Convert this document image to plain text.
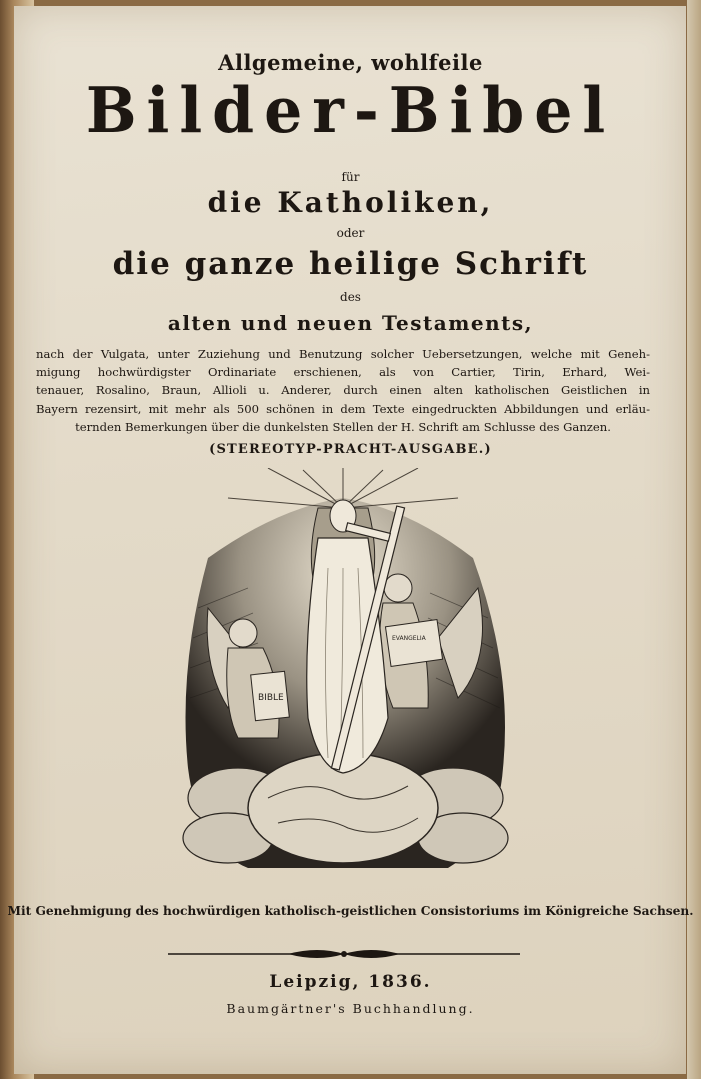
Allgemeine, wohlfeile
Bilder-Bibel
für
die Katholiken,
oder
die ganze heilige Schrift
des
alten und neuen Testaments,
nach der Vulgata, unter Zuziehung und Benutzung solcher Uebersetzungen, welche mit Geneh-
migung hochwürdigster Ordinariate erschienen, als von Cartier, Tirin, Erhard, Wei-
tenauer, Rosalino, Braun, Allioli u. Anderer, durch einen alten katholischen Geistlichen in
Bayern rezensirt, mit mehr als 500 schönen in dem Texte eingedruckten Abbildungen und erläu-
ternden Bemerkungen über die dunkelsten Stellen der H. Schrift am Schlusse des Ganzen.
(STEREOTYP-PRACHT-AUSGABE.)
BIBLE
EVANGELIA
Mit Genehmigung des hochwürdigen katholisch-geistlichen Consistoriums im Königreiche Sachsen.
Leipzig, 1836.
Baumgärtner's Buchhandlung.
